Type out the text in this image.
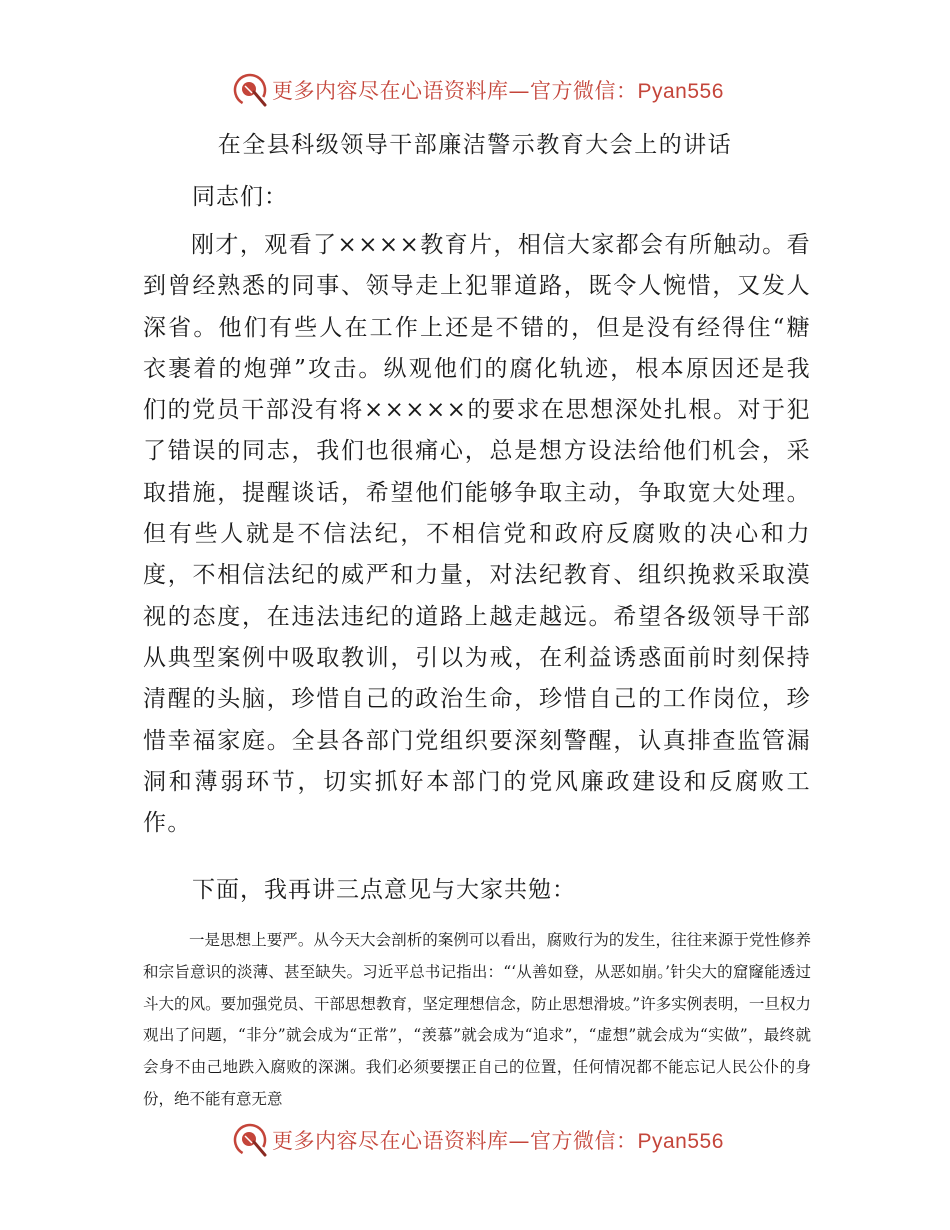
更多内容尽在心语资料库—官方微信：Pyan556
在全县科级领导干部廉洁警示教育大会上的讲话
同志们：
刚才，观看了××××教育片，相信大家都会有所触动。看到曾经熟悉的同事、领导走上犯罪道路，既令人惋惜，又发人深省。他们有些人在工作上还是不错的，但是没有经得住“糖衣裹着的炮弹”攻击。纵观他们的腐化轨迹，根本原因还是我们的党员干部没有将×××××的要求在思想深处扎根。对于犯了错误的同志，我们也很痛心，总是想方设法给他们机会，采取措施，提醒谈话，希望他们能够争取主动，争取宽大处理。但有些人就是不信法纪，不相信党和政府反腐败的决心和力度，不相信法纪的威严和力量，对法纪教育、组织挽救采取漠视的态度，在违法违纪的道路上越走越远。希望各级领导干部从典型案例中吸取教训，引以为戒，在利益诱惑面前时刻保持清醒的头脑，珍惜自己的政治生命，珍惜自己的工作岗位，珍惜幸福家庭。全县各部门党组织要深刻警醒，认真排查监管漏洞和薄弱环节，切实抓好本部门的党风廉政建设和反腐败工作。
下面，我再讲三点意见与大家共勉：
一是思想上要严。从今天大会剖析的案例可以看出，腐败行为的发生，往往来源于党性修养和宗旨意识的淡薄、甚至缺失。习近平总书记指出：“‘从善如登，从恶如崩。’针尖大的窟窿能透过斗大的风。要加强党员、干部思想教育，坚定理想信念，防止思想滑坡。”许多实例表明，一旦权力观出了问题，“非分”就会成为“正常”，“羡慕”就会成为“追求”，“虚想”就会成为“实做”，最终就会身不由己地跌入腐败的深渊。我们必须要摆正自己的位置，任何情况都不能忘记人民公仆的身份，绝不能有意无意
更多内容尽在心语资料库—官方微信：Pyan556
